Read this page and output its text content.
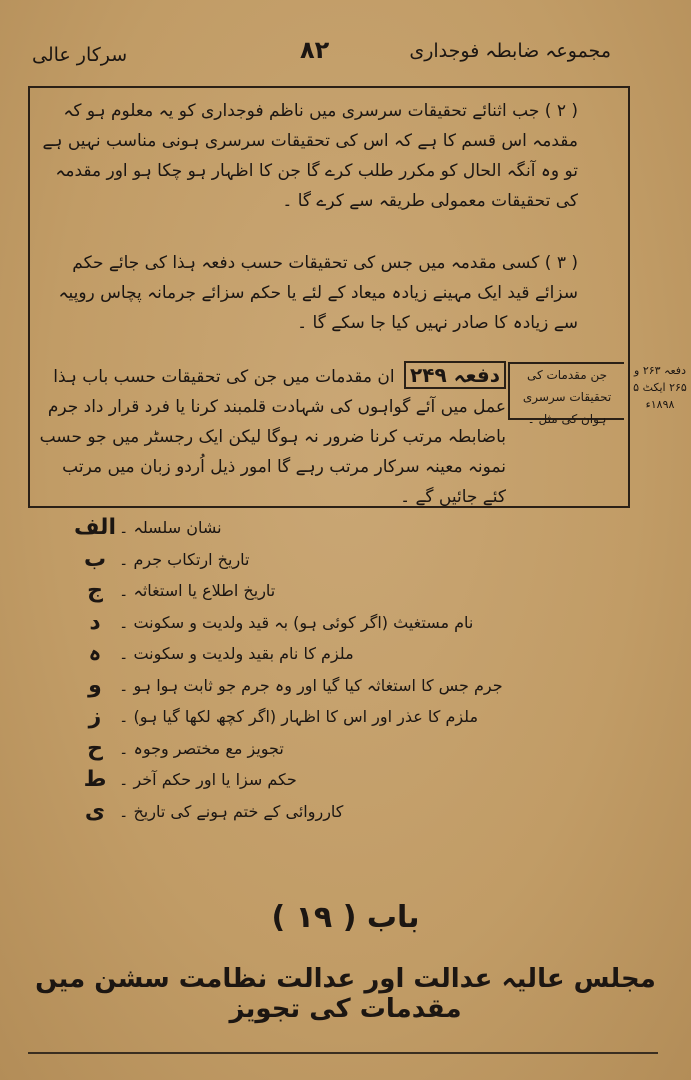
مجموعہ ضابطہ فوجداری
۸۲
سرکار عالی
( ۲ ) جب اثنائے تحقیقات سرسری میں ناظم فوجداری کو یہ معلوم ہو کہ مقدمہ اس قسم کا ہے کہ اس کی تحقیقات سرسری ہونی مناسب نہیں ہے تو وہ آنگہ الحال کو مکرر طلب کرے گا جن کا اظہار ہو چکا ہو اور مقدمہ کی تحقیقات معمولی طریقہ سے کرے گا ۔
( ۳ ) کسی مقدمہ میں جس کی تحقیقات حسب دفعہ ہذا کی جائے حکم سزائے قید ایک مہینے زیادہ میعاد کے لئے یا حکم سزائے جرمانہ پچاس روپیہ سے زیادہ کا صادر نہیں کیا جا سکے گا ۔
جن مقدمات کی تحقیقات سرسری ہوان کی مثل ۔
دفعہ ۲۶۳ و ۲۶۵ ایکٹ ۵ ۱۸۹۸ء
دفعہ ۲۴۹ ان مقدمات میں جن کی تحقیقات حسب باب ہذا عمل میں آئے گواہوں کی شہادت قلمبند کرنا یا فرد قرار داد جرم باضابطہ مرتب کرنا ضرور نہ ہوگا لیکن ایک رجسٹر میں جو حسب نمونہ معینہ سرکار مرتب رہے گا امور ذیل اُردو زبان میں مرتب کئے جائیں گے ۔
الف نشان سلسلہ ۔
ب تاریخ ارتکاب جرم ۔
ج	تاریخ اطلاع یا استغاثہ ۔
د	نام مستغیث (اگر کوئی ہو) بہ قید ولدیت و سکونت ۔
ہ	ملزم کا نام بقید ولدیت و سکونت ۔
و	جرم جس کا استغاثہ کیا گیا اور وہ جرم جو ثابت ہوا ہو ۔
ز	ملزم کا عذر اور اس کا اظہار (اگر کچھ لکھا گیا ہو) ۔
ح	تجویز مع مختصر وجوہ ۔
ط حکم سزا یا اور حکم آخر ۔
ی کارروائی کے ختم ہونے کی تاریخ ۔
باب ( ۱۹ )
مجلس عالیہ عدالت اور عدالت نظامت سشن میں مقدمات کی تجویز
